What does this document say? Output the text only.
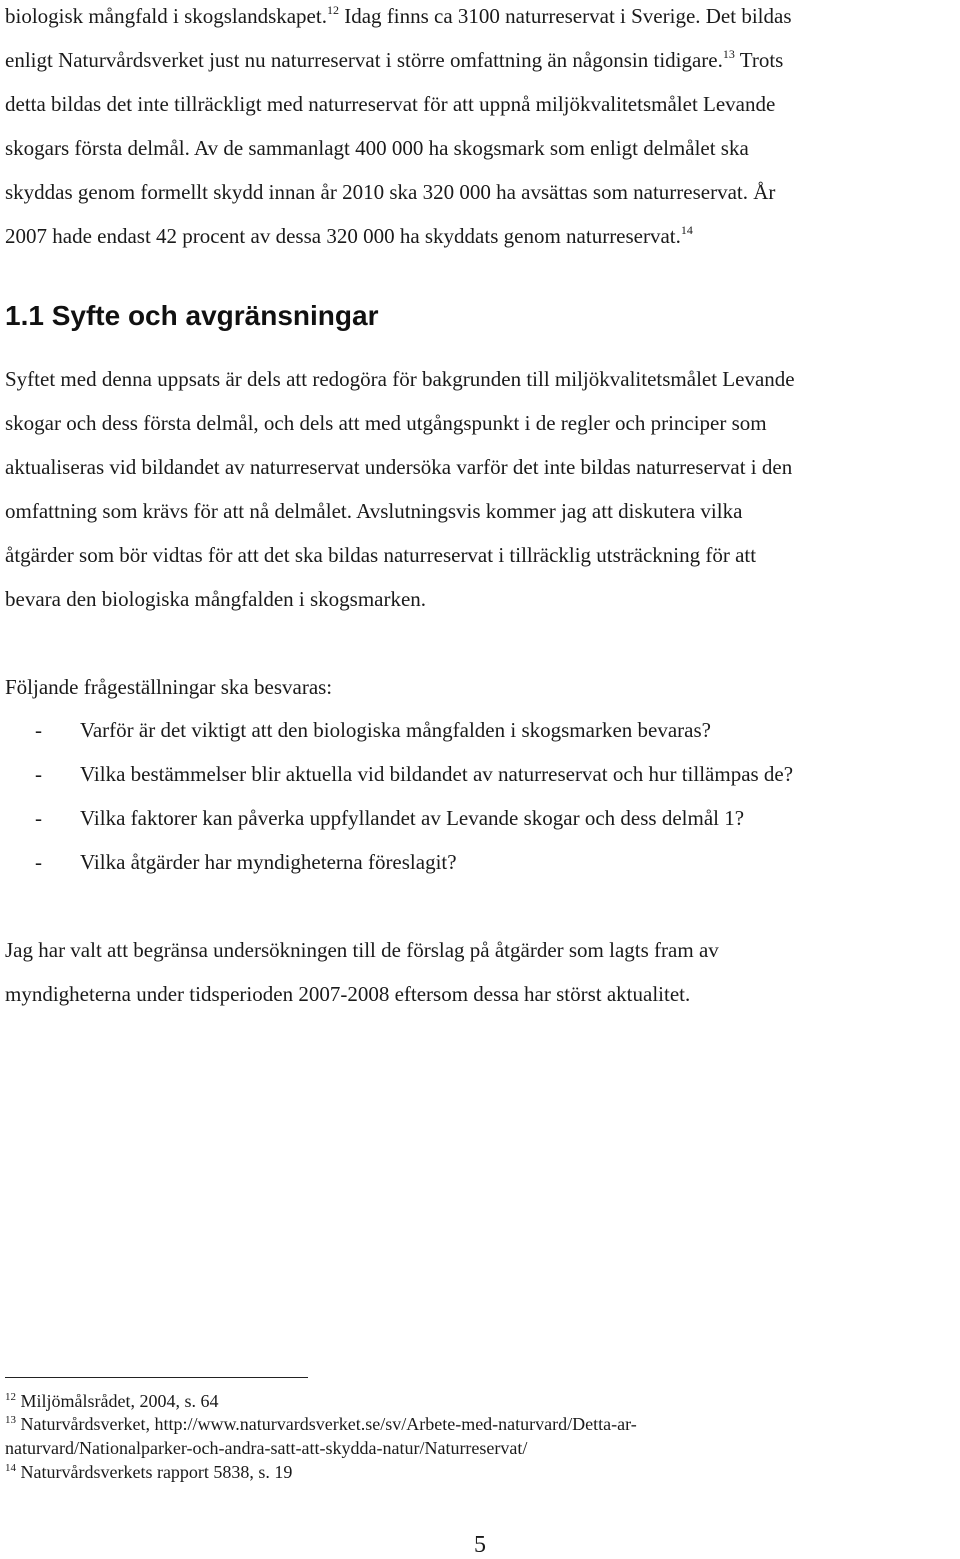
biologisk mångfald i skogslandskapet.$^{12}$ Idag finns ca 3100 naturreservat i Sverige. Det bildas
enligt Naturvårdsverket just nu naturreservat i större omfattning än någonsin tidigare.$^{13}$ Trots
detta bildas det inte tillräckligt med naturreservat för att uppnå miljökvalitetsmålet Levande
skogars första delmål. Av de sammanlagt 400 000 ha skogsmark som enligt delmålet ska
skyddas genom formellt skydd innan år 2010 ska 320 000 ha avsättas som naturreservat. År
2007 hade endast 42 procent av dessa 320 000 ha skyddats genom naturreservat.$^{14}$
1.1 Syfte och avgränsningar
Syftet med denna uppsats är dels att redogöra för bakgrunden till miljökvalitetsmålet Levande
skogar och dess första delmål, och dels att med utgångspunkt i de regler och principer som
aktualiseras vid bildandet av naturreservat undersöka varför det inte bildas naturreservat i den
omfattning som krävs för att nå delmålet. Avslutningsvis kommer jag att diskutera vilka
åtgärder som bör vidtas för att det ska bildas naturreservat i tillräcklig utsträckning för att
bevara den biologiska mångfalden i skogsmarken.
Följande frågeställningar ska besvaras:
- Varför är det viktigt att den biologiska mångfalden i skogsmarken bevaras?
- Vilka bestämmelser blir aktuella vid bildandet av naturreservat och hur tillämpas de?
- Vilka faktorer kan påverka uppfyllandet av Levande skogar och dess delmål 1?
- Vilka åtgärder har myndigheterna föreslagit?
Jag har valt att begränsa undersökningen till de förslag på åtgärder som lagts fram av
myndigheterna under tidsperioden 2007-2008 eftersom dessa har störst aktualitet.
$^{12}$ Miljömålsrådet, 2004, s. 64
$^{13}$ Naturvårdsverket, http://www.naturvardsverket.se/sv/Arbete-med-naturvard/Detta-ar-
naturvard/Nationalparker-och-andra-satt-att-skydda-natur/Naturreservat/
$^{14}$ Naturvårdsverkets rapport 5838, s. 19
5
